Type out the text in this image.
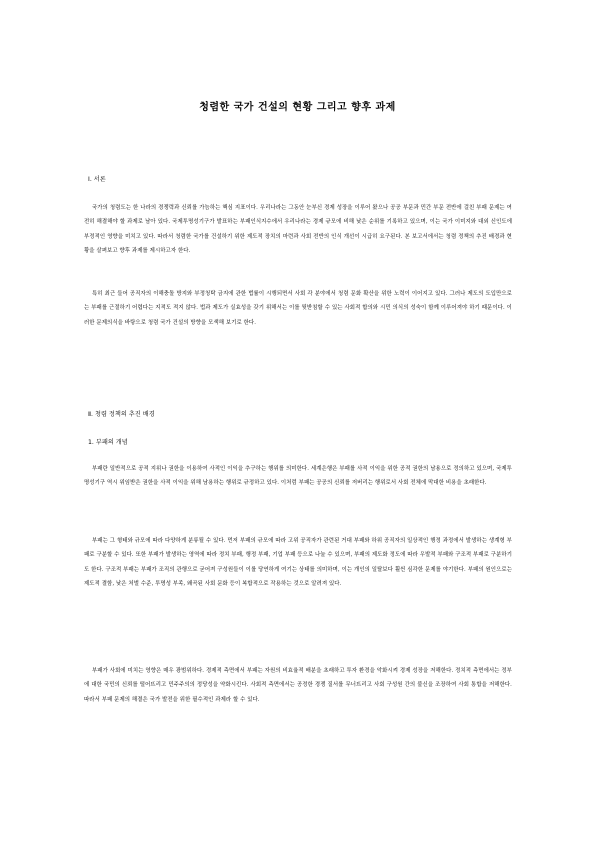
청렴한 국가 건설의 현황 그리고 향후 과제
Ⅰ. 서론
국가의 청렴도는 한 나라의 경쟁력과 신뢰를 가늠하는 핵심 지표이다. 우리나라는 그동안 눈부신 경제 성장을 이루어 왔으나 공공 부문과 민간 부문 전반에 걸친 부패 문제는 여전히 해결해야 할 과제로 남아 있다. 국제투명성기구가 발표하는 부패인식지수에서 우리나라는 경제 규모에 비해 낮은 순위를 기록하고 있으며, 이는 국가 이미지와 대외 신인도에 부정적인 영향을 미치고 있다. 따라서 청렴한 국가를 건설하기 위한 제도적 장치의 마련과 사회 전반의 인식 개선이 시급히 요구된다. 본 보고서에서는 청렴 정책의 추진 배경과 현황을 살펴보고 향후 과제를 제시하고자 한다.
특히 최근 들어 공직자의 이해충돌 방지와 부정청탁 금지에 관한 법률이 시행되면서 사회 각 분야에서 청렴 문화 확산을 위한 노력이 이어지고 있다. 그러나 제도의 도입만으로는 부패를 근절하기 어렵다는 지적도 적지 않다. 법과 제도가 실효성을 갖기 위해서는 이를 뒷받침할 수 있는 사회적 합의와 시민 의식의 성숙이 함께 이루어져야 하기 때문이다. 이러한 문제의식을 바탕으로 청렴 국가 건설의 방향을 모색해 보기로 한다.
Ⅱ. 청렴 정책의 추진 배경
1. 부패의 개념
부패란 일반적으로 공적 지위나 권한을 이용하여 사적인 이익을 추구하는 행위를 의미한다. 세계은행은 부패를 사적 이익을 위한 공적 권한의 남용으로 정의하고 있으며, 국제투명성기구 역시 위임받은 권한을 사적 이익을 위해 남용하는 행위로 규정하고 있다. 이처럼 부패는 공공의 신뢰를 저버리는 행위로서 사회 전체에 막대한 비용을 초래한다.
부패는 그 형태와 규모에 따라 다양하게 분류될 수 있다. 먼저 부패의 규모에 따라 고위 공직자가 관련된 거대 부패와 하위 공직자의 일상적인 행정 과정에서 발생하는 생계형 부패로 구분할 수 있다. 또한 부패가 발생하는 영역에 따라 정치 부패, 행정 부패, 기업 부패 등으로 나눌 수 있으며, 부패의 제도화 정도에 따라 우발적 부패와 구조적 부패로 구분하기도 한다. 구조적 부패는 부패가 조직의 관행으로 굳어져 구성원들이 이를 당연하게 여기는 상태를 의미하며, 이는 개인의 일탈보다 훨씬 심각한 문제를 야기한다. 부패의 원인으로는 제도적 결함, 낮은 처벌 수준, 투명성 부족, 왜곡된 사회 문화 등이 복합적으로 작용하는 것으로 알려져 있다.
부패가 사회에 미치는 영향은 매우 광범위하다. 경제적 측면에서 부패는 자원의 비효율적 배분을 초래하고 투자 환경을 악화시켜 경제 성장을 저해한다. 정치적 측면에서는 정부에 대한 국민의 신뢰를 떨어뜨리고 민주주의의 정당성을 약화시킨다. 사회적 측면에서는 공정한 경쟁 질서를 무너뜨리고 사회 구성원 간의 불신을 조장하여 사회 통합을 저해한다. 따라서 부패 문제의 해결은 국가 발전을 위한 필수적인 과제라 할 수 있다.
